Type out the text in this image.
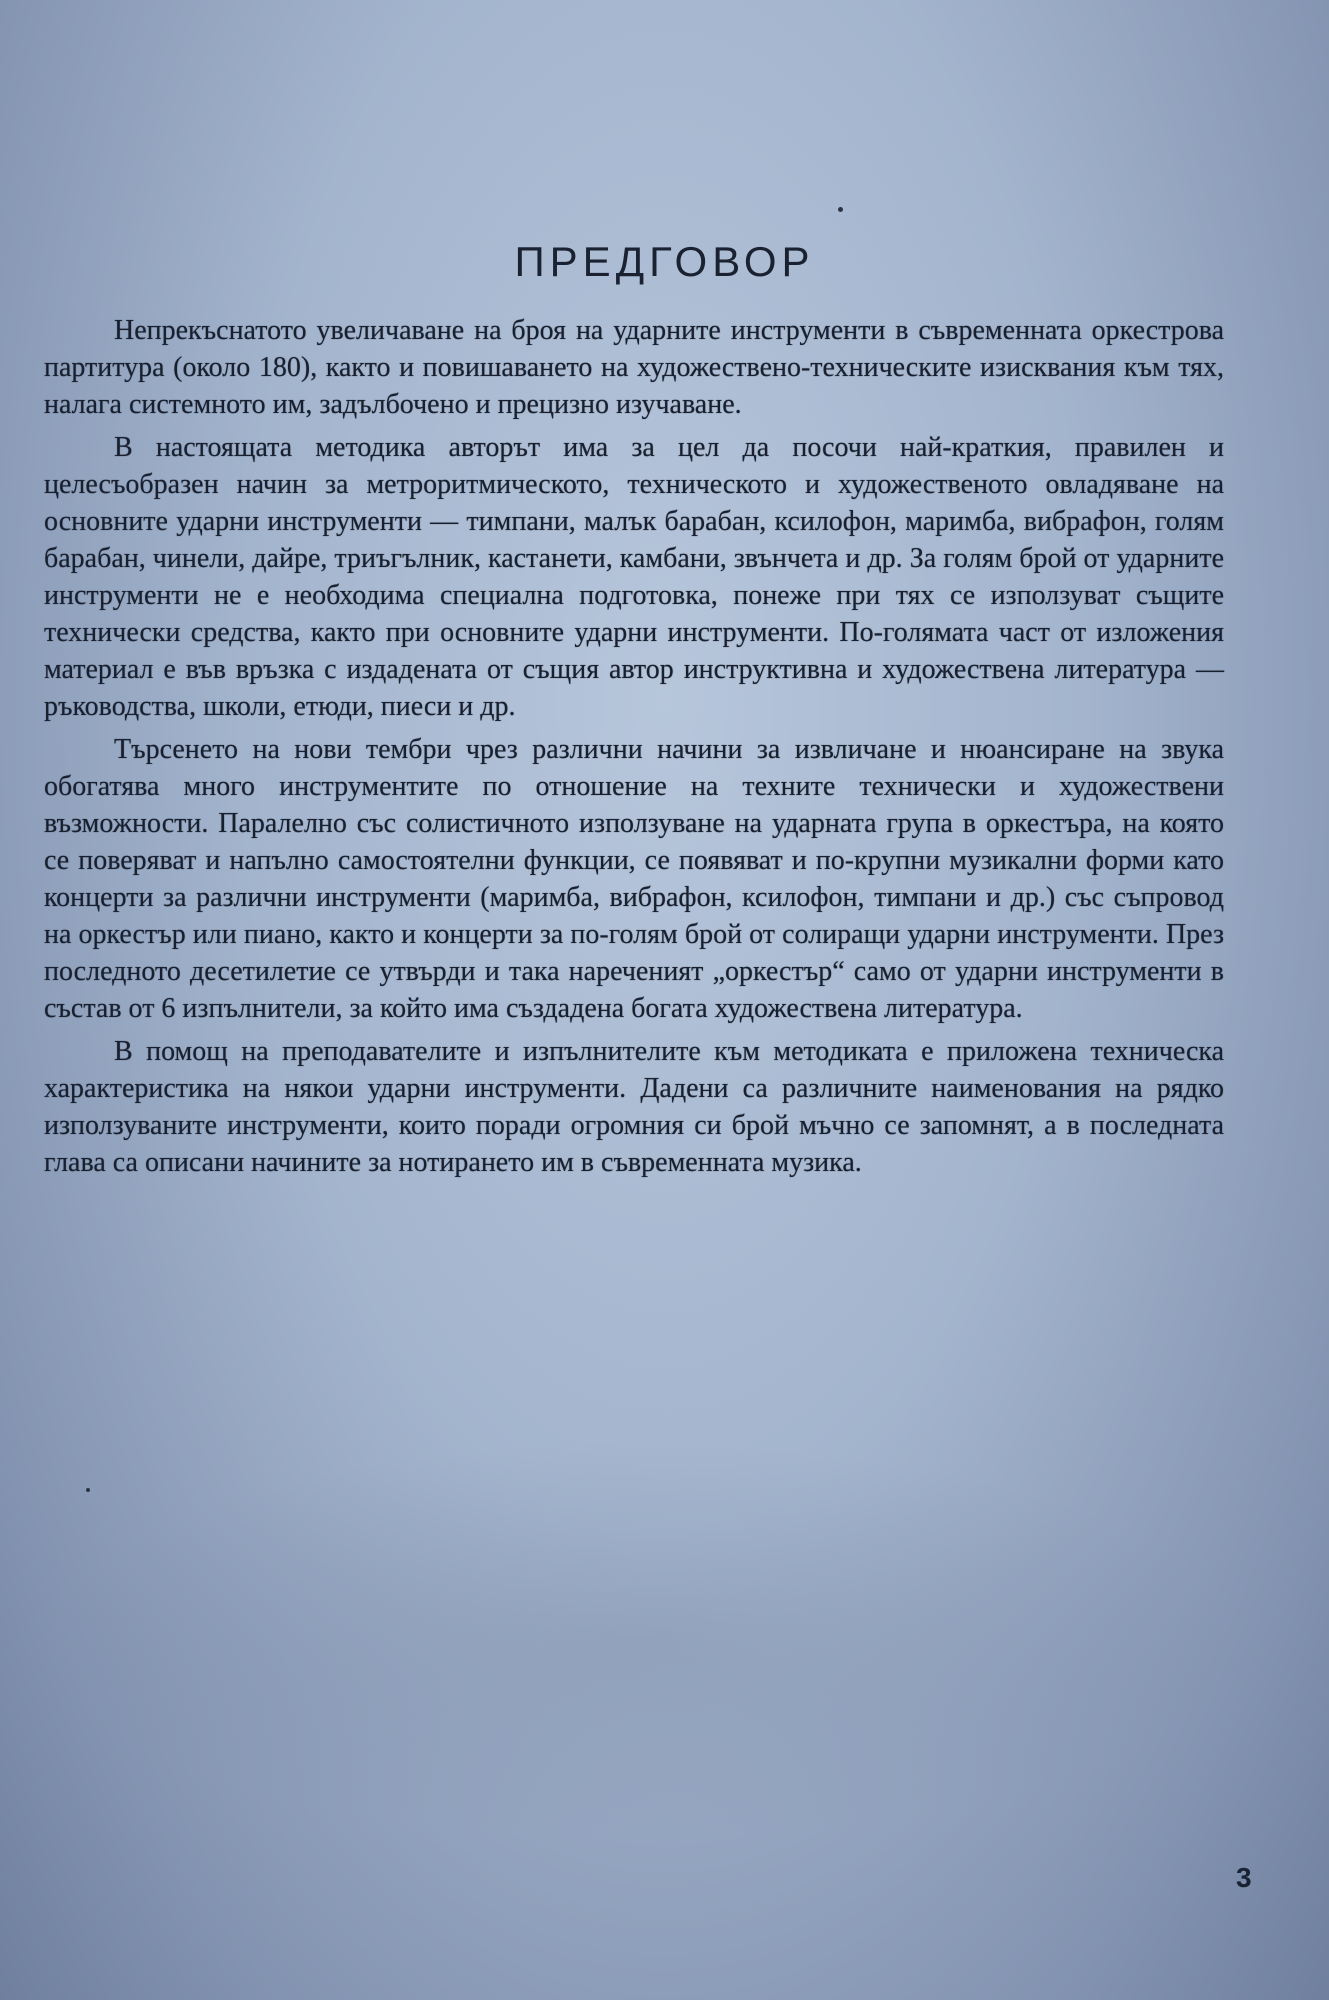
ПРЕДГОВОР

Непрекъснатото увеличаване на броя на ударните инструменти в съвременната оркестрова партитура (около 180), както и повишаването на художествено-техническите изисквания към тях, налага системното им, задълбочено и прецизно изучаване.

В настоящата методика авторът има за цел да посочи най-краткия, правилен и целесъобразен начин за метроритмическото, техническото и художественото овладяване на основните ударни инструменти — тимпани, малък барабан, ксилофон, маримба, вибрафон, голям барабан, чинели, дайре, триъгълник, кастанети, камбани, звънчета и др. За голям брой от ударните инструменти не е необходима специална подготовка, понеже при тях се използуват същите технически средства, както при основните ударни инструменти. По-голямата част от изложения материал е във връзка с издадената от същия автор инструктивна и художествена литература — ръководства, школи, етюди, пиеси и др.

Търсенето на нови тембри чрез различни начини за извличане и нюансиране на звука обогатява много инструментите по отношение на техните технически и художествени възможности. Паралелно със солистичното използуване на ударната група в оркестъра, на която се поверяват и напълно самостоятелни функции, се появяват и по-крупни музикални форми като концерти за различни инструменти (маримба, вибрафон, ксилофон, тимпани и др.) със съпровод на оркестър или пиано, както и концерти за по-голям брой от солиращи ударни инструменти. През последното десетилетие се утвърди и така нареченият „оркестър“ само от ударни инструменти в състав от 6 изпълнители, за който има създадена богата художествена литература.

В помощ на преподавателите и изпълнителите към методиката е приложена техническа характеристика на някои ударни инструменти. Дадени са различните наименования на рядко използуваните инструменти, които поради огромния си брой мъчно се запомнят, а в последната глава са описани начините за нотирането им в съвременната музика.

3
